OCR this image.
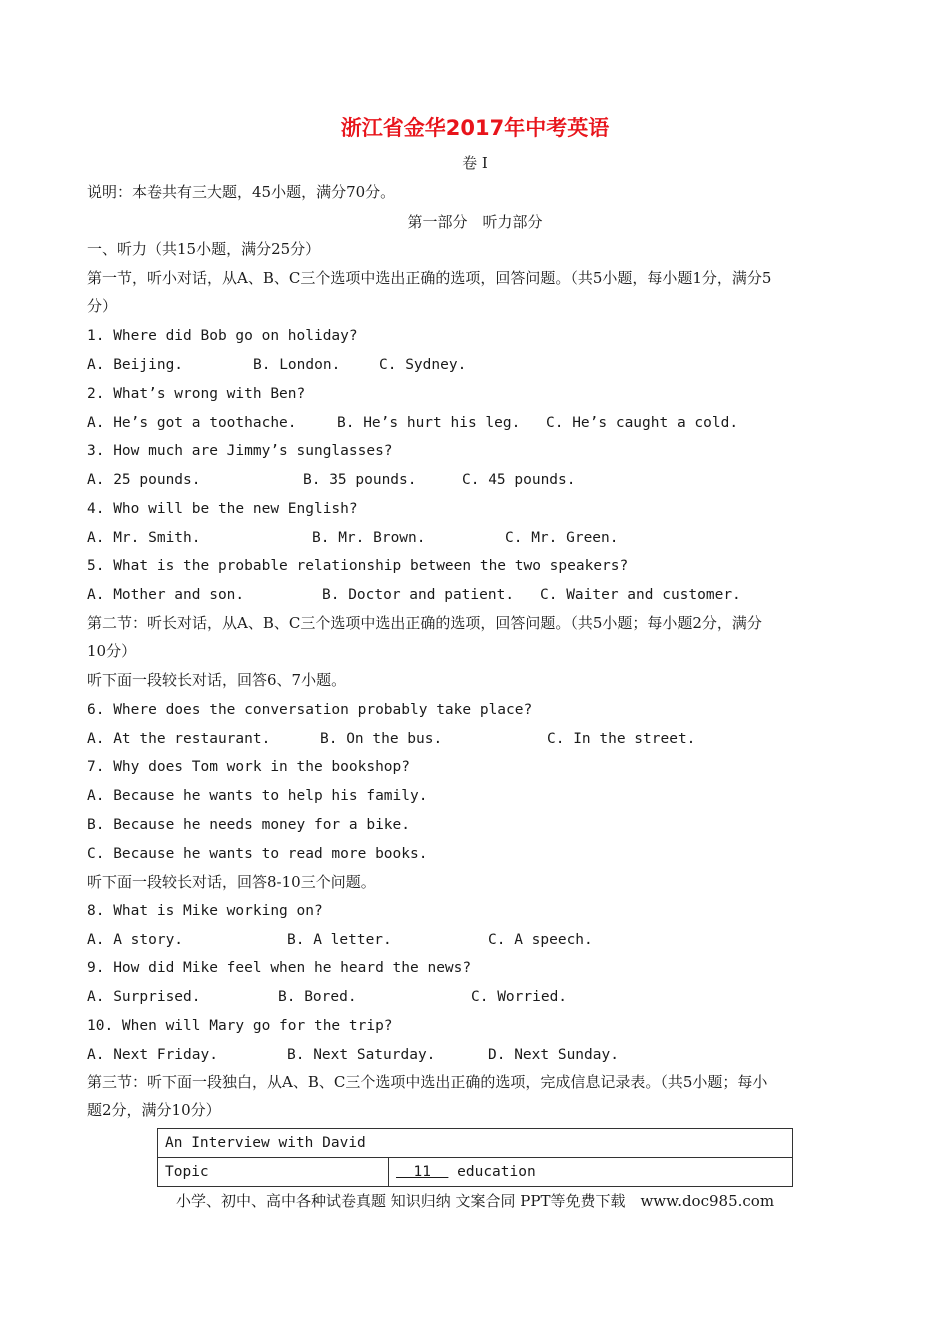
浙江省金华2017年中考英语
卷 I
说明：本卷共有三大题，45小题，满分70分。
第一部分　听力部分
一、听力（共15小题，满分25分）
第一节，听小对话，从A、B、C三个选项中选出正确的选项，回答问题。（共5小题，每小题1分，满分5
分）
1. Where did Bob go on holiday?
A. Beijing.	B. London.	C. Sydney.
2. What’s wrong with Ben?
A. He’s got a toothache.	B. He’s hurt his leg. C. He’s caught a cold.
3. How much are Jimmy’s sunglasses?
A. 25 pounds.	B. 35 pounds.	C. 45 pounds.
4. Who will be the new English?
A. Mr. Smith.	B. Mr. Brown.	C. Mr. Green.
5. What is the probable relationship between the two speakers?
A. Mother and son.	B. Doctor and patient. C. Waiter and customer.
第二节：听长对话，从A、B、C三个选项中选出正确的选项，回答问题。（共5小题；每小题2分，满分
10分）
听下面一段较长对话，回答6、7小题。
6. Where does the conversation probably take place?
A. At the restaurant.	B. On the bus.	C. In the street.
7. Why does Tom work in the bookshop?
A. Because he wants to help his family.
B. Because he needs money for a bike.
C. Because he wants to read more books.
听下面一段较长对话，回答8-10三个问题。
8. What is Mike working on?
A. A story.	B. A letter.	C. A speech.
9. How did Mike feel when he heard the news?
A. Surprised.	B. Bored.	C. Worried.
10. When will Mary go for the trip?
A. Next Friday.	B. Next Saturday.	D. Next Sunday.
第三节：听下面一段独白，从A、B、C三个选项中选出正确的选项，完成信息记录表。（共5小题；每小
题2分，满分10分）
An Interview with David
Topic	11   education
小学、初中、高中各种试卷真题 知识归纳 文案合同 PPT等免费下载　www.doc985.com
